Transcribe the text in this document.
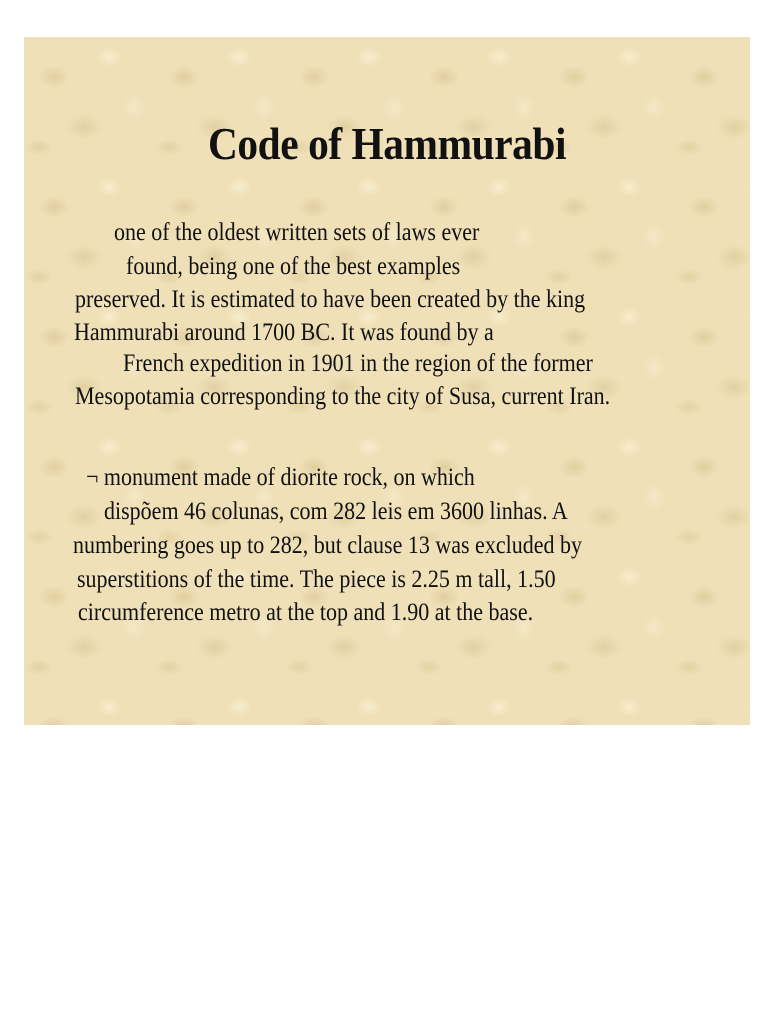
Code of Hammurabi
one of the oldest written sets of laws ever
found, being one of the best examples
preserved. It is estimated to have been created by the king
Hammurabi around 1700 BC. It was found by a
French expedition in 1901 in the region of the former
Mesopotamia corresponding to the city of Susa, current Iran.
¬ monument made of diorite rock, on which
dispõem 46 colunas, com 282 leis em 3600 linhas. A
numbering goes up to 282, but clause 13 was excluded by
superstitions of the time. The piece is 2.25 m tall, 1.50
circumference metro at the top and 1.90 at the base.
